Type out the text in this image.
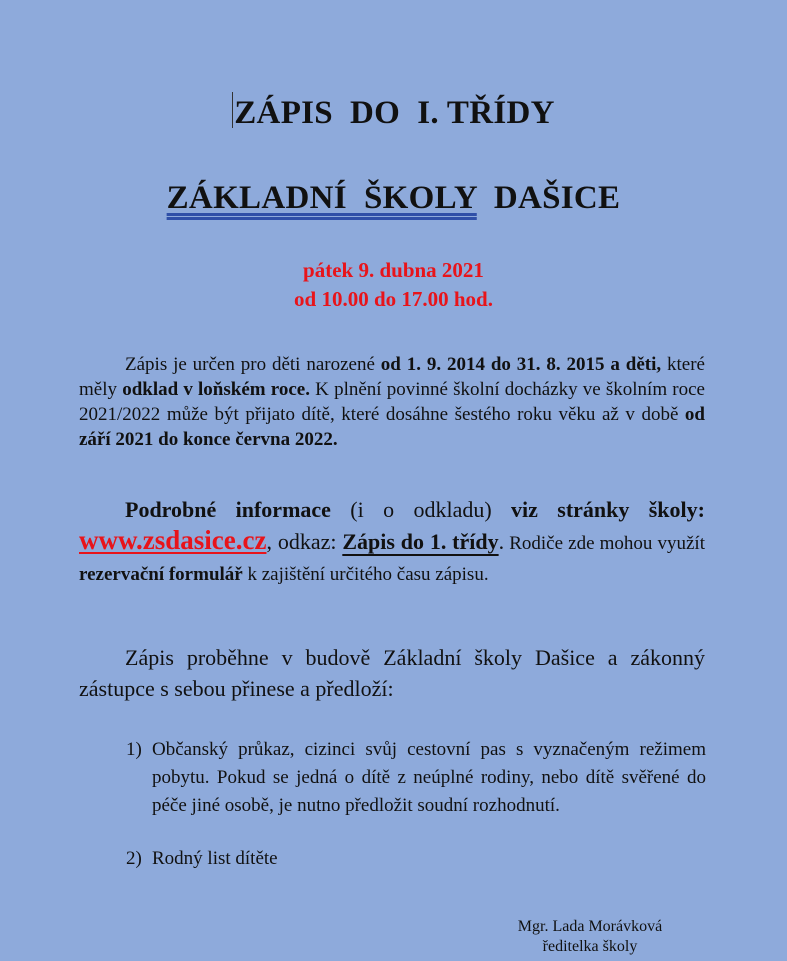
ZÁPIS  DO  I. TŘÍDY
ZÁKLADNÍ  ŠKOLY  DAŠICE
pátek 9. dubna 2021
od 10.00 do 17.00 hod.
Zápis je určen pro děti narozené od 1. 9. 2014 do 31. 8. 2015 a děti, které měly odklad v loňském roce. K plnění povinné školní docházky ve školním roce 2021/2022 může být přijato dítě, které dosáhne šestého roku věku až v době od září 2021 do konce června 2022.
Podrobné informace (i o odkladu) viz stránky školy: www.zsdasice.cz, odkaz: Zápis do 1. třídy. Rodiče zde mohou využít rezervační formulář k zajištění určitého času zápisu.
Zápis proběhne v budově Základní školy Dašice a zákonný zástupce s sebou přinese a předloží:
1) Občanský průkaz, cizinci svůj cestovní pas s vyznačeným režimem pobytu. Pokud se jedná o dítě z neúplné rodiny, nebo dítě svěřené do péče jiné osobě, je nutno předložit soudní rozhodnutí.
2) Rodný list dítěte
Mgr. Lada Morávková
ředitelka školy
